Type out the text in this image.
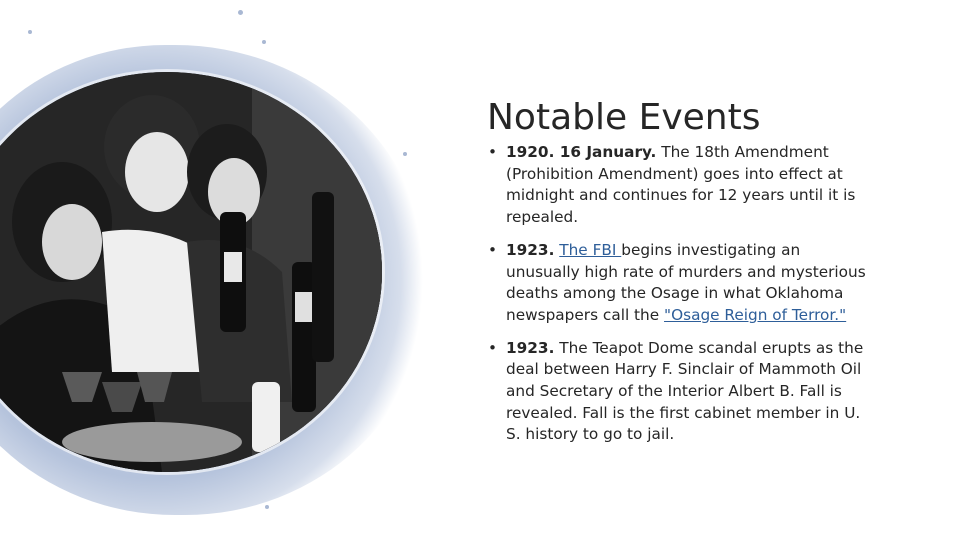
Notable Events
• 1920. 16 January. The 18th Amendment (Prohibition Amendment) goes into effect at midnight and continues for 12 years until it is repealed.
• 1923. The FBI begins investigating an unusually high rate of murders and mysterious deaths among the Osage in what Oklahoma newspapers call the "Osage Reign of Terror."
• 1923. The Teapot Dome scandal erupts as the deal between Harry F. Sinclair of Mammoth Oil and Secretary of the Interior Albert B. Fall is revealed. Fall is the first cabinet member in U. S. history to go to jail.
